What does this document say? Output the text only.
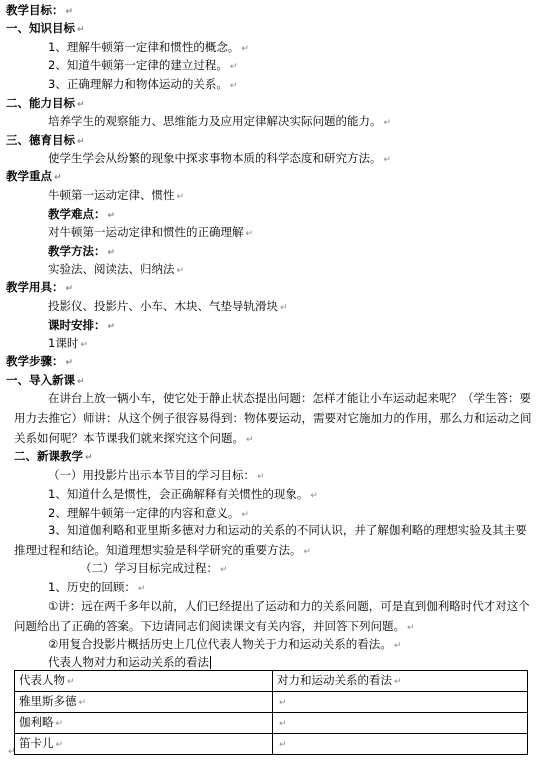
教学目标： ↵
一、知识目标 ↵
1、理解牛顿第一定律和惯性的概念。 ↵
2、知道牛顿第一定律的建立过程。 ↵
3、正确理解力和物体运动的关系。 ↵
二、能力目标 ↵
培养学生的观察能力、思维能力及应用定律解决实际问题的能力。 ↵
三、德育目标 ↵
使学生学会从纷繁的现象中探求事物本质的科学态度和研究方法。 ↵
教学重点 ↵
牛顿第一运动定律、惯性 ↵
教学难点： ↵
对牛顿第一运动定律和惯性的正确理解 ↵
教学方法： ↵
实验法、阅读法、归纳法 ↵
教学用具： ↵
投影仪、投影片、小车、木块、气垫导轨滑块 ↵
课时安排： ↵
1课时 ↵
教学步骤： ↵
一、导入新课 ↵
在讲台上放一辆小车，使它处于静止状态提出问题：怎样才能让小车运动起来呢？（学生答：要用力去推它）师讲：从这个例子很容易得到：物体要运动，需要对它施加力的作用，那么力和运动之间关系如何呢？本节课我们就来探究这个问题。 ↵
二、新课教学 ↵
（一）用投影片出示本节目的学习目标： ↵
1、知道什么是惯性，会正确解释有关惯性的现象。 ↵
2、理解牛顿第一定律的内容和意义。 ↵
3、知道伽利略和亚里斯多德对力和运动的关系的不同认识，并了解伽利略的理想实验及其主要推理过程和结论。知道理想实验是科学研究的重要方法。 ↵
（二）学习目标完成过程： ↵
1、历史的回顾： ↵
①讲：远在两千多年以前，人们已经提出了运动和力的关系问题，可是直到伽利略时代才对这个问题给出了正确的答案。下边请同志们阅读课文有关内容，并回答下列问题。 ↵
②用复合投影片概括历史上几位代表人物关于力和运动关系的看法。 ↵
代表人物对力和运动关系的看法
代表人物 ↵	对力和运动关系的看法 ↵
雅里斯多德 ↵	↵
伽利略 ↵	↵
笛卡儿 ↵	↵
↵
